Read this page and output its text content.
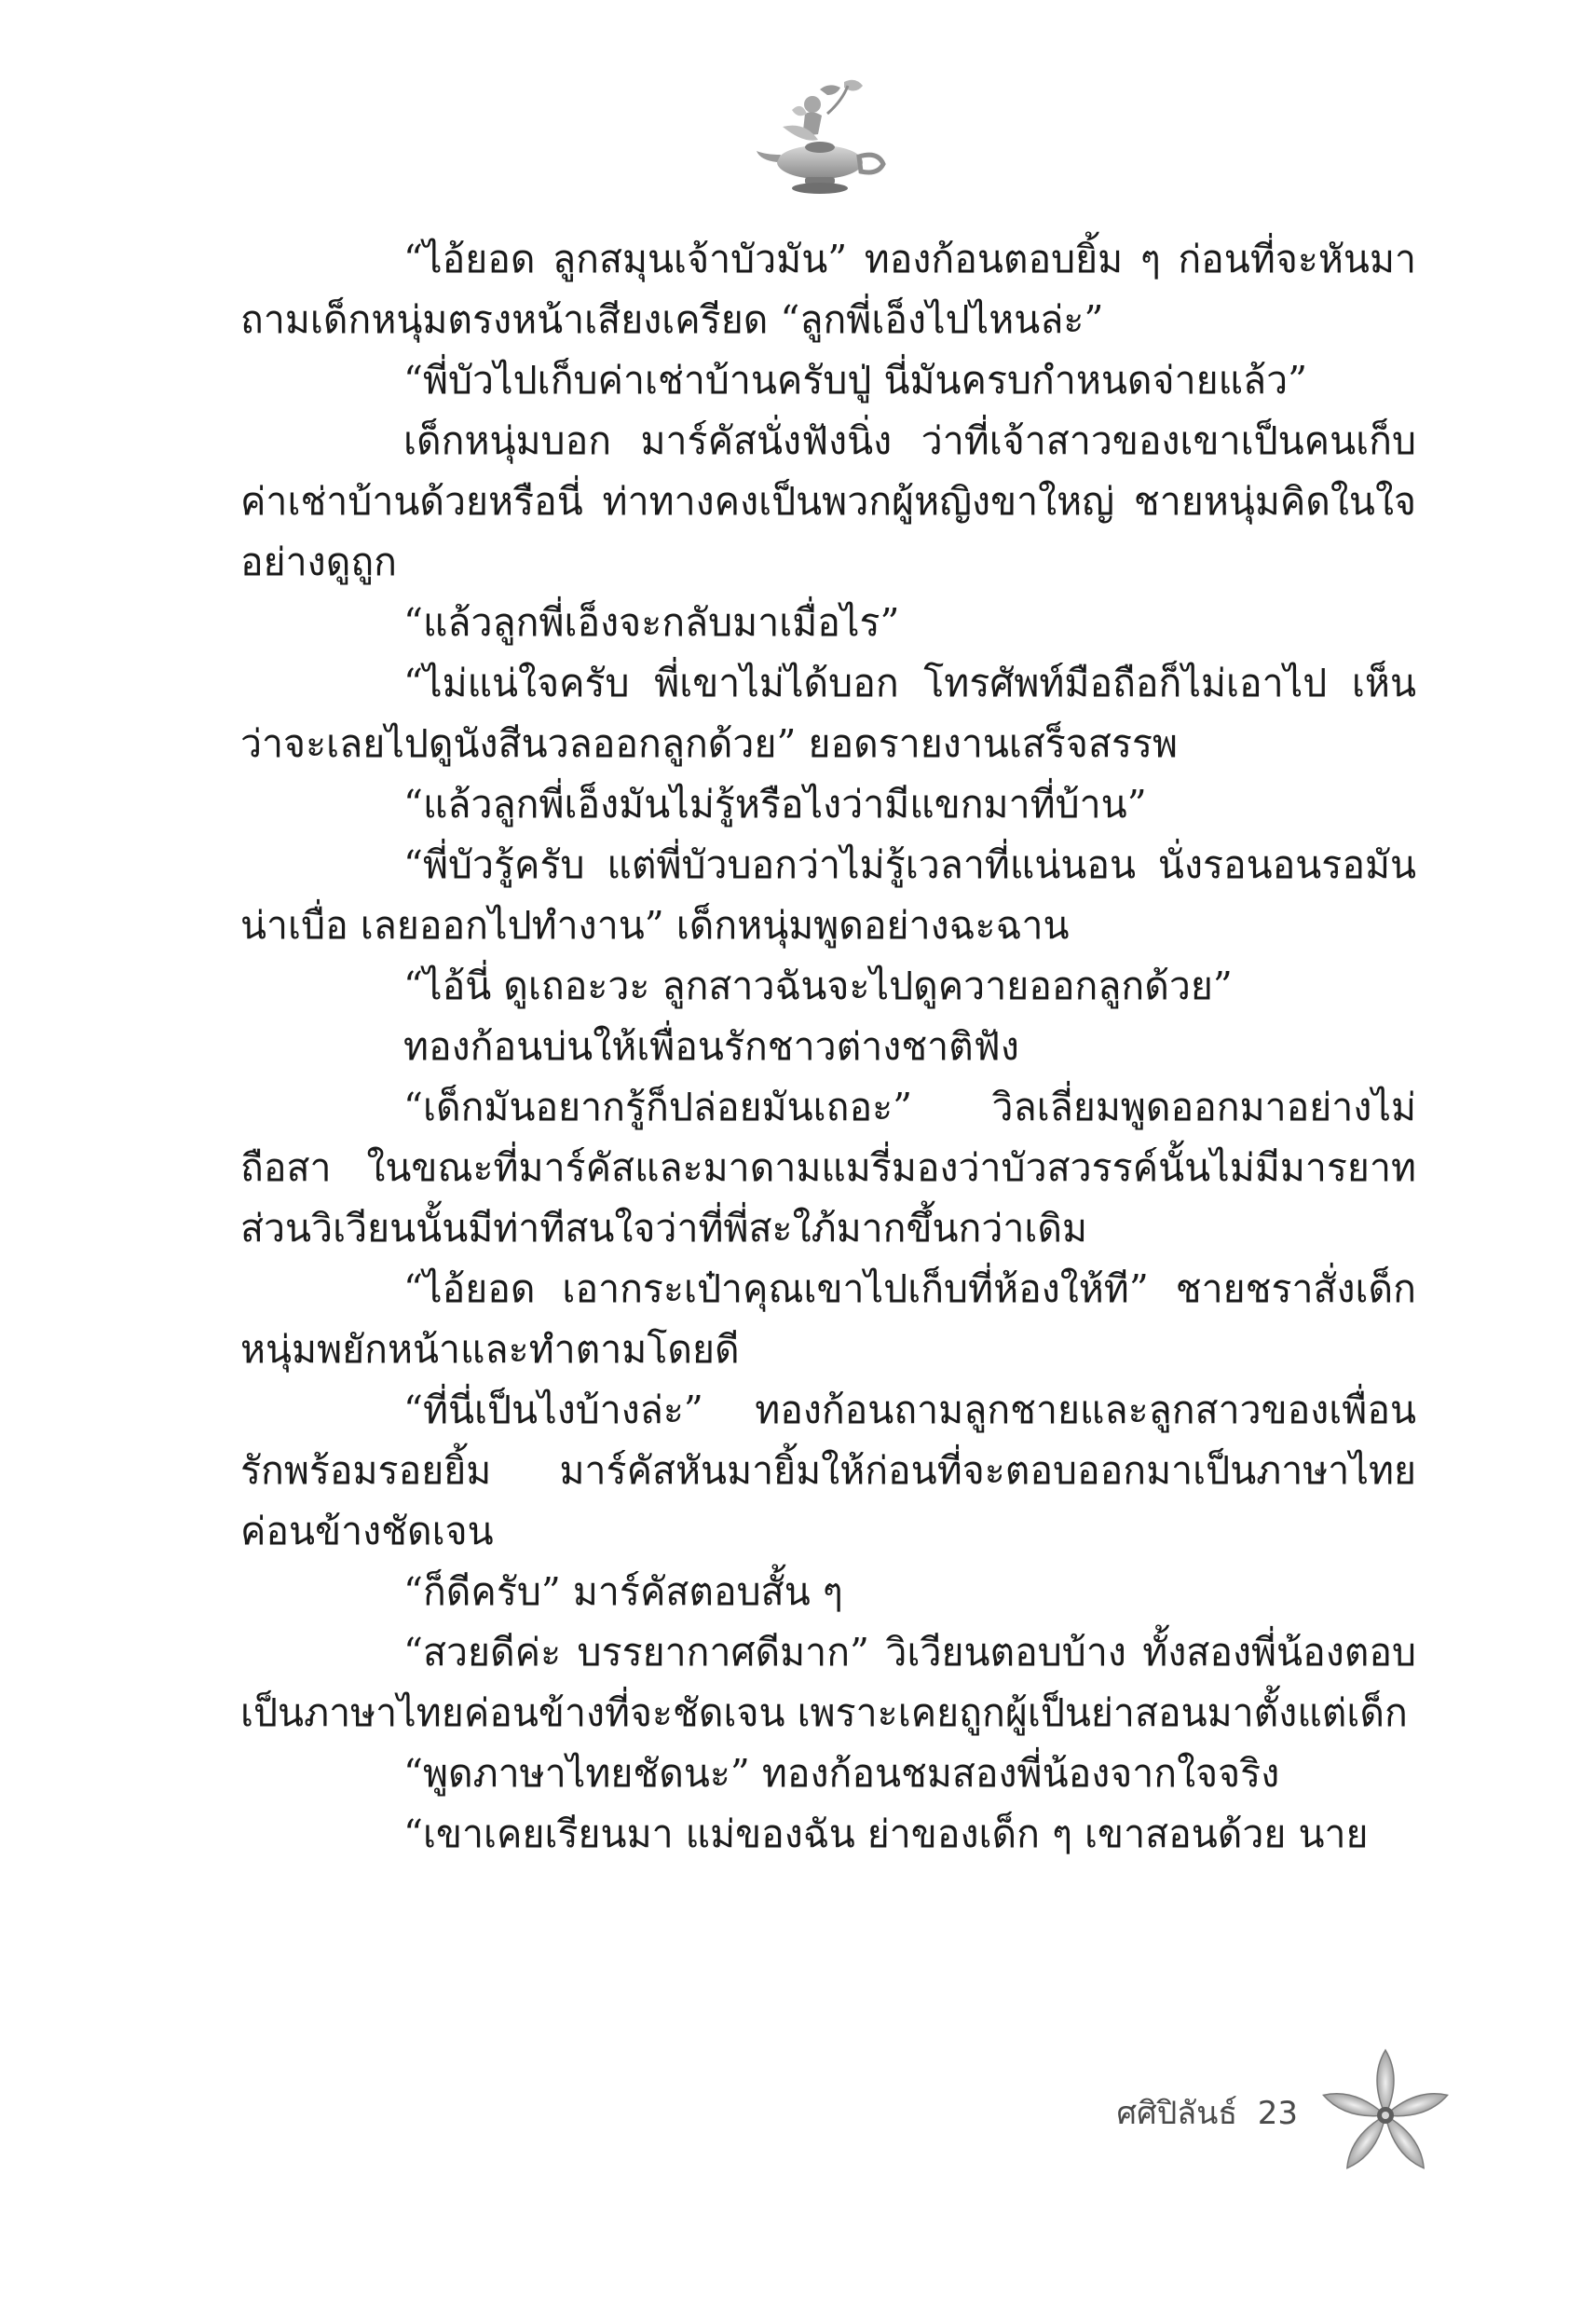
“ไอ้ยอด ลูกสมุนเจ้าบัวมัน” ทองก้อนตอบยิ้ม ๆ ก่อนที่จะหันมาถามเด็กหนุ่มตรงหน้าเสียงเครียด “ลูกพี่เอ็งไปไหนล่ะ”

“พี่บัวไปเก็บค่าเช่าบ้านครับปู่ นี่มันครบกำหนดจ่ายแล้ว”

เด็กหนุ่มบอก มาร์คัสนั่งฟังนิ่ง ว่าที่เจ้าสาวของเขาเป็นคนเก็บค่าเช่าบ้านด้วยหรือนี่ ท่าทางคงเป็นพวกผู้หญิงขาใหญ่ ชายหนุ่มคิดในใจอย่างดูถูก

“แล้วลูกพี่เอ็งจะกลับมาเมื่อไร”

“ไม่แน่ใจครับ พี่เขาไม่ได้บอก โทรศัพท์มือถือก็ไม่เอาไป เห็นว่าจะเลยไปดูนังสีนวลออกลูกด้วย” ยอดรายงานเสร็จสรรพ

“แล้วลูกพี่เอ็งมันไม่รู้หรือไงว่ามีแขกมาที่บ้าน”

“พี่บัวรู้ครับ แต่พี่บัวบอกว่าไม่รู้เวลาที่แน่นอน นั่งรอนอนรอมันน่าเบื่อ เลยออกไปทำงาน” เด็กหนุ่มพูดอย่างฉะฉาน

“ไอ้นี่ ดูเถอะวะ ลูกสาวฉันจะไปดูควายออกลูกด้วย”

ทองก้อนบ่นให้เพื่อนรักชาวต่างชาติฟัง

“เด็กมันอยากรู้ก็ปล่อยมันเถอะ” วิลเลี่ยมพูดออกมาอย่างไม่ถือสา ในขณะที่มาร์คัสและมาดามแมรี่มองว่าบัวสวรรค์นั้นไม่มีมารยาท ส่วนวิเวียนนั้นมีท่าทีสนใจว่าที่พี่สะใภ้มากขึ้นกว่าเดิม

“ไอ้ยอด เอากระเป๋าคุณเขาไปเก็บที่ห้องให้ที” ชายชราสั่งเด็กหนุ่มพยักหน้าและทำตามโดยดี

“ที่นี่เป็นไงบ้างล่ะ” ทองก้อนถามลูกชายและลูกสาวของเพื่อนรักพร้อมรอยยิ้ม มาร์คัสหันมายิ้มให้ก่อนที่จะตอบออกมาเป็นภาษาไทยค่อนข้างชัดเจน

“ก็ดีครับ” มาร์คัสตอบสั้น ๆ

“สวยดีค่ะ บรรยากาศดีมาก” วิเวียนตอบบ้าง ทั้งสองพี่น้องตอบเป็นภาษาไทยค่อนข้างที่จะชัดเจน เพราะเคยถูกผู้เป็นย่าสอนมาตั้งแต่เด็ก

“พูดภาษาไทยชัดนะ” ทองก้อนชมสองพี่น้องจากใจจริง

“เขาเคยเรียนมา แม่ของฉัน ย่าของเด็ก ๆ เขาสอนด้วย นาย

ศศิปิลันธ์ 23
